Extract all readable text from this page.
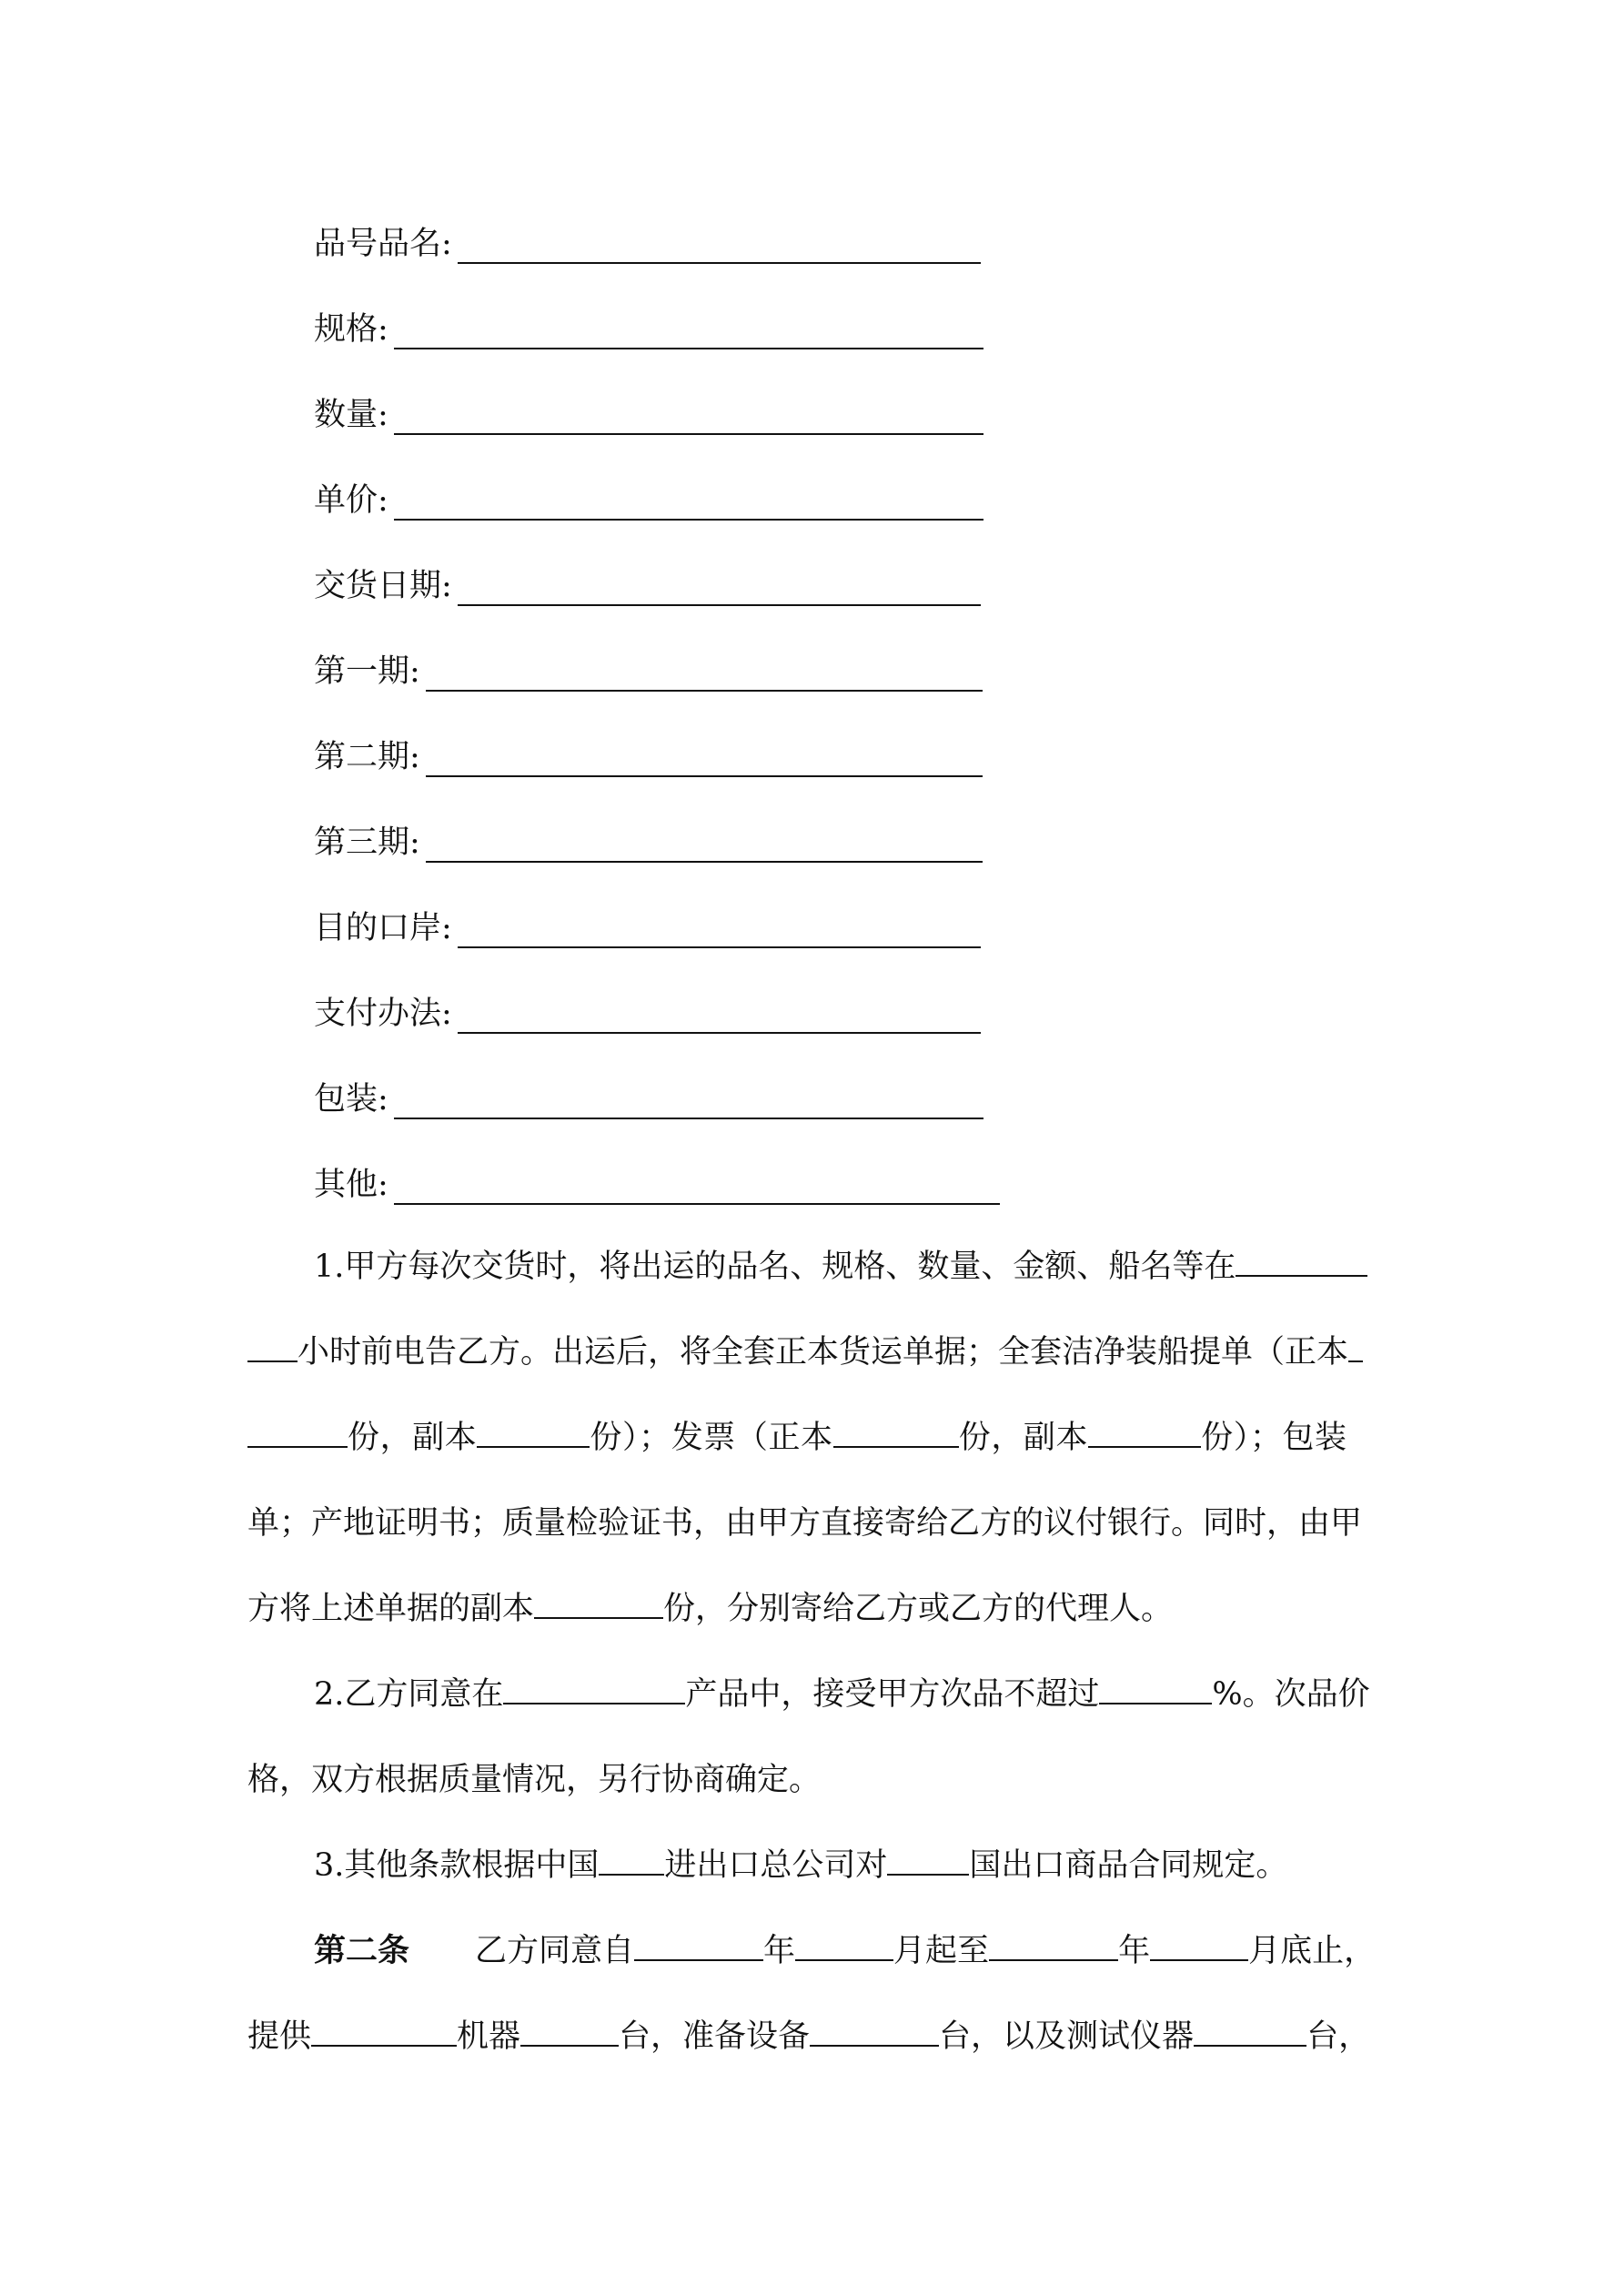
品号品名:
规格:
数量:
单价:
交货日期:
第一期:
第二期:
第三期:
目的口岸:
支付办法:
包装:
其他:

1.甲方每次交货时，将出运的品名、规格、数量、金额、船名等在

小时前电告乙方。出运后，将全套正本货运单据；全套洁净装船提单（正本

份，副本	份）；发票（正本	份，副本	份）；包装

单；产地证明书；质量检验证书，由甲方直接寄给乙方的议付银行。同时，由甲

方将上述单据的副本	份，分别寄给乙方或乙方的代理人。

2.乙方同意在	产品中，接受甲方次品不超过	%。次品价

格，双方根据质量情况，另行协商确定。

3.其他条款根据中国 进出口总公司对	国出口商品合同规定。

第二条 乙方同意自	年	月起至	年	月底止，

提供	机器	台，准备设备	台，以及测试仪器	台，
